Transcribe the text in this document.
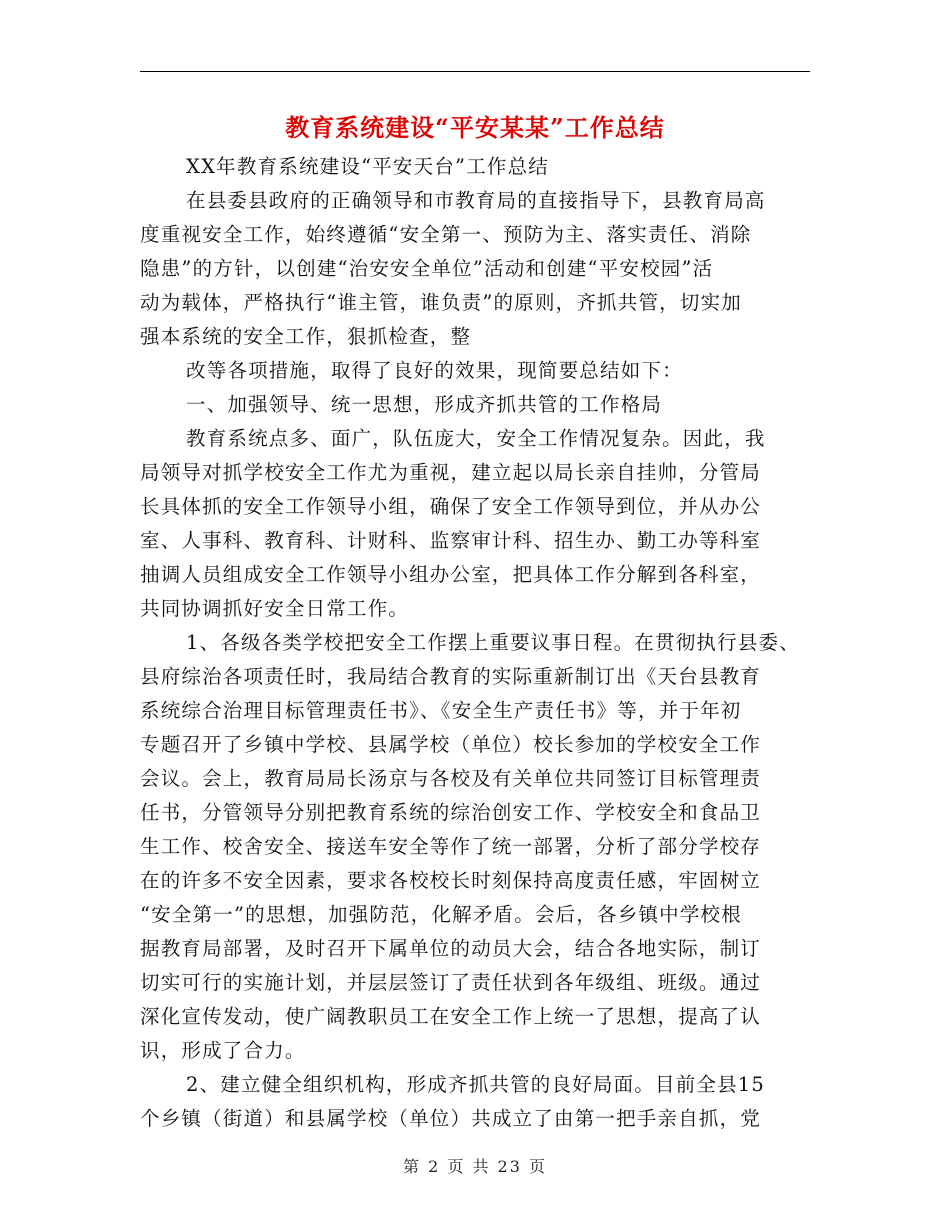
教育系统建设“平安某某”工作总结
XX年教育系统建设“平安天台”工作总结
在县委县政府的正确领导和市教育局的直接指导下，县教育局高
度重视安全工作，始终遵循“安全第一、预防为主、落实责任、消除
隐患”的方针，以创建“治安安全单位”活动和创建“平安校园”活
动为载体，严格执行“谁主管，谁负责”的原则，齐抓共管，切实加
强本系统的安全工作，狠抓检查，整
改等各项措施，取得了良好的效果，现简要总结如下：
一、加强领导、统一思想，形成齐抓共管的工作格局
教育系统点多、面广，队伍庞大，安全工作情况复杂。因此，我
局领导对抓学校安全工作尤为重视，建立起以局长亲自挂帅，分管局
长具体抓的安全工作领导小组，确保了安全工作领导到位，并从办公
室、人事科、教育科、计财科、监察审计科、招生办、勤工办等科室
抽调人员组成安全工作领导小组办公室，把具体工作分解到各科室，
共同协调抓好安全日常工作。
1、各级各类学校把安全工作摆上重要议事日程。在贯彻执行县委、
县府综治各项责任时，我局结合教育的实际重新制订出《天台县教育
系统综合治理目标管理责任书》、《安全生产责任书》等，并于年初
专题召开了乡镇中学校、县属学校（单位）校长参加的学校安全工作
会议。会上，教育局局长汤京与各校及有关单位共同签订目标管理责
任书，分管领导分别把教育系统的综治创安工作、学校安全和食品卫
生工作、校舍安全、接送车安全等作了统一部署，分析了部分学校存
在的许多不安全因素，要求各校校长时刻保持高度责任感，牢固树立
“安全第一”的思想，加强防范，化解矛盾。会后，各乡镇中学校根
据教育局部署，及时召开下属单位的动员大会，结合各地实际，制订
切实可行的实施计划，并层层签订了责任状到各年级组、班级。通过
深化宣传发动，使广阔教职员工在安全工作上统一了思想，提高了认
识，形成了合力。
2、建立健全组织机构，形成齐抓共管的良好局面。目前全县15
个乡镇（街道）和县属学校（单位）共成立了由第一把手亲自抓，党
第 2 页 共 23 页
